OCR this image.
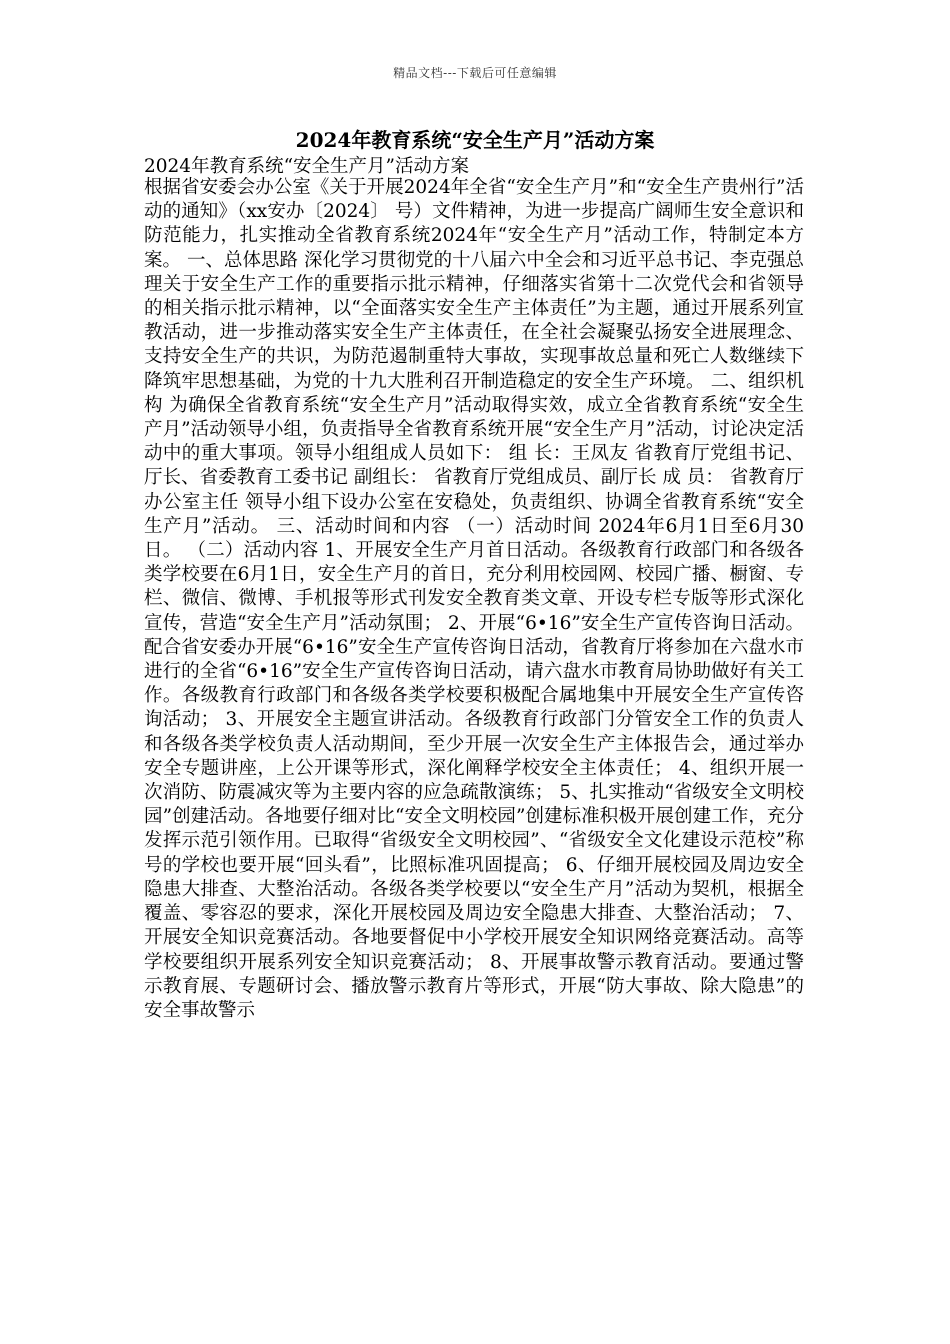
精品文档---下载后可任意编辑
2024年教育系统“安全生产月”活动方案
2024年教育系统“安全生产月”活动方案

根据省安委会办公室《关于开展2024年全省“安全生产月”和“安全生产贵州行”活动的通知》（xx安办〔2024〕 号）文件精神，为进一步提高广阔师生安全意识和防范能力，扎实推动全省教育系统2024年“安全生产月”活动工作，特制定本方案。 一、总体思路 深化学习贯彻党的十八届六中全会和习近平总书记、李克强总理关于安全生产工作的重要指示批示精神，仔细落实省第十二次党代会和省领导的相关指示批示精神，以“全面落实安全生产主体责任”为主题，通过开展系列宣教活动，进一步推动落实安全生产主体责任，在全社会凝聚弘扬安全进展理念、支持安全生产的共识，为防范遏制重特大事故，实现事故总量和死亡人数继续下降筑牢思想基础，为党的十九大胜利召开制造稳定的安全生产环境。 二、组织机构 为确保全省教育系统“安全生产月”活动取得实效，成立全省教育系统“安全生产月”活动领导小组，负责指导全省教育系统开展“安全生产月”活动，讨论决定活动中的重大事项。领导小组组成人员如下： 组 长：王凤友 省教育厅党组书记、厅长、省委教育工委书记 副组长： 省教育厅党组成员、副厅长 成 员： 省教育厅办公室主任 领导小组下设办公室在安稳处，负责组织、协调全省教育系统“安全生产月”活动。 三、活动时间和内容 （一）活动时间 2024年6月1日至6月30日。 （二）活动内容 1、开展安全生产月首日活动。各级教育行政部门和各级各类学校要在6月1日，安全生产月的首日，充分利用校园网、校园广播、橱窗、专栏、微信、微博、手机报等形式刊发安全教育类文章、开设专栏专版等形式深化宣传，营造“安全生产月”活动氛围； 2、开展“6•16”安全生产宣传咨询日活动。配合省安委办开展“6•16”安全生产宣传咨询日活动，省教育厅将参加在六盘水市进行的全省“6•16”安全生产宣传咨询日活动，请六盘水市教育局协助做好有关工作。各级教育行政部门和各级各类学校要积极配合属地集中开展安全生产宣传咨询活动； 3、开展安全主题宣讲活动。各级教育行政部门分管安全工作的负责人和各级各类学校负责人活动期间，至少开展一次安全生产主体报告会，通过举办安全专题讲座，上公开课等形式，深化阐释学校安全主体责任； 4、组织开展一次消防、防震减灾等为主要内容的应急疏散演练； 5、扎实推动“省级安全文明校园”创建活动。各地要仔细对比“安全文明校园”创建标准积极开展创建工作，充分发挥示范引领作用。已取得“省级安全文明校园”、“省级安全文化建设示范校”称号的学校也要开展“回头看”，比照标准巩固提高； 6、仔细开展校园及周边安全隐患大排查、大整治活动。各级各类学校要以“安全生产月”活动为契机，根据全覆盖、零容忍的要求，深化开展校园及周边安全隐患大排查、大整治活动； 7、开展安全知识竞赛活动。各地要督促中小学校开展安全知识网络竞赛活动。高等学校要组织开展系列安全知识竞赛活动； 8、开展事故警示教育活动。要通过警示教育展、专题研讨会、播放警示教育片等形式，开展“防大事故、除大隐患”的安全事故警示
